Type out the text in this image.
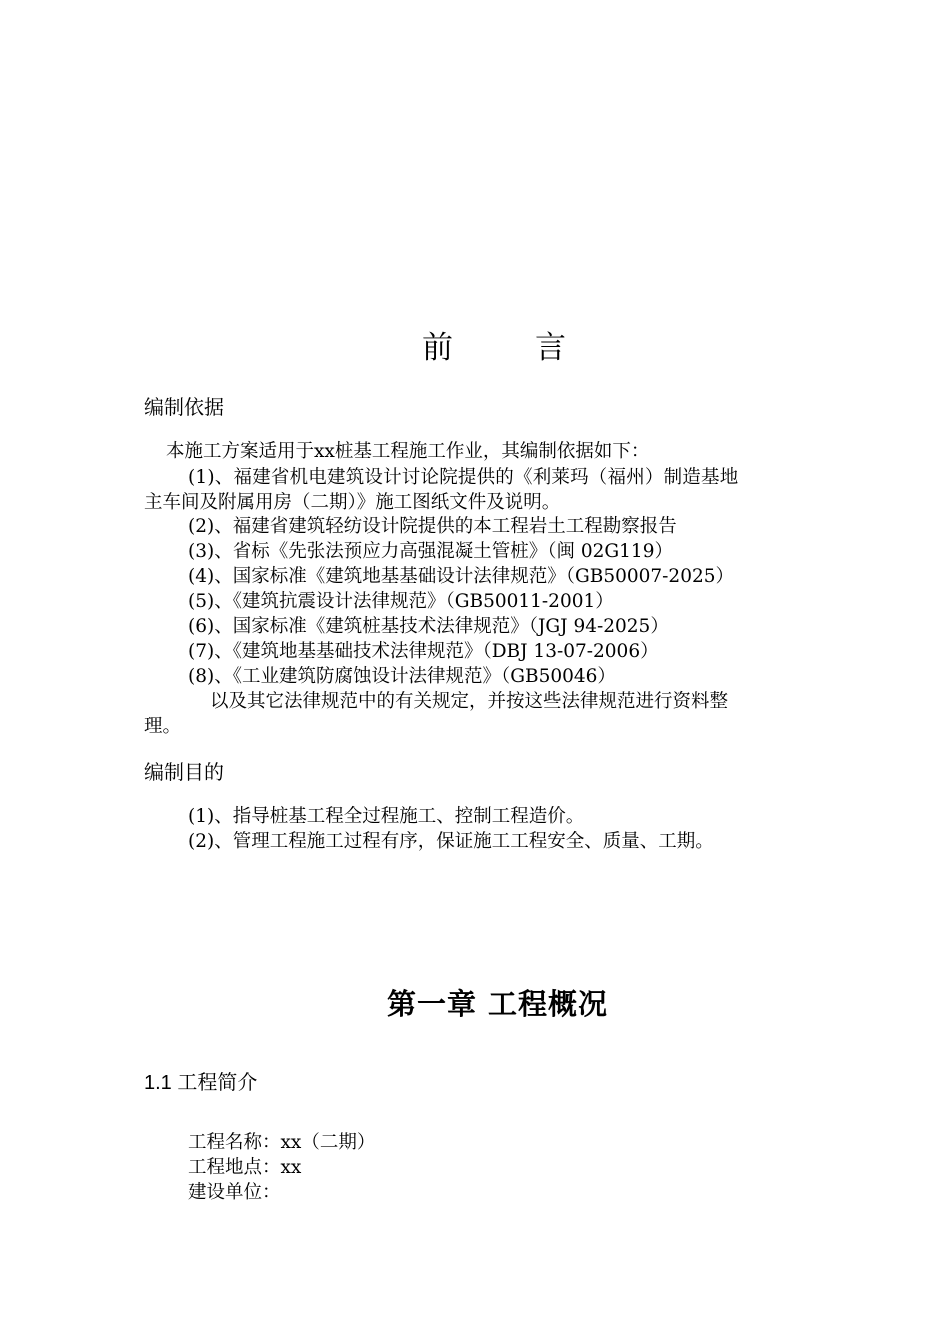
前	言
编制依据
本施工方案适用于xx桩基工程施工作业，其编制依据如下：
(1)、福建省机电建筑设计讨论院提供的《利莱玛（福州）制造基地
主车间及附属用房（二期）》施工图纸文件及说明。
(2)、福建省建筑轻纺设计院提供的本工程岩土工程勘察报告
(3)、省标《先张法预应力高强混凝土管桩》（闽 02G119）
(4)、国家标准《建筑地基基础设计法律规范》（GB50007-2025）
(5)、《建筑抗震设计法律规范》（GB50011-2001）
(6)、国家标准《建筑桩基技术法律规范》（JGJ 94-2025）
(7)、《建筑地基基础技术法律规范》（DBJ 13-07-2006）
(8)、《工业建筑防腐蚀设计法律规范》（GB50046）
以及其它法律规范中的有关规定，并按这些法律规范进行资料整
理。
编制目的
(1)、指导桩基工程全过程施工、控制工程造价。
(2)、管理工程施工过程有序，保证施工工程安全、质量、工期。
第一章 工程概况
1.1 工程简介
工程名称：xx（二期）
工程地点：xx
建设单位：
